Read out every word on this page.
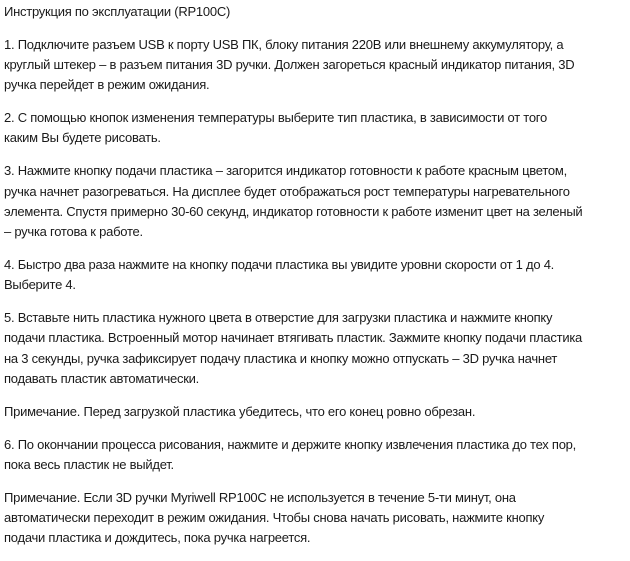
Инструкция по эксплуатации (RP100C)

1. Подключите разъем USB к порту USB ПК, блоку питания 220В или внешнему аккумулятору, а
круглый штекер – в разъем питания 3D ручки. Должен загореться красный индикатор питания, 3D
ручка перейдет в режим ожидания.

2. С помощью кнопок изменения температуры выберите тип пластика, в зависимости от того
каким Вы будете рисовать.

3. Нажмите кнопку подачи пластика – загорится индикатор готовности к работе красным цветом,
ручка начнет разогреваться. На дисплее будет отображаться рост температуры нагревательного
элемента. Спустя примерно 30-60 секунд, индикатор готовности к работе изменит цвет на зеленый
– ручка готова к работе.

4. Быстро два раза нажмите на кнопку подачи пластика вы увидите уровни скорости от 1 до 4.
Выберите 4.

5. Вставьте нить пластика нужного цвета в отверстие для загрузки пластика и нажмите кнопку
подачи пластика. Встроенный мотор начинает втягивать пластик. Зажмите кнопку подачи пластика
на 3 секунды, ручка зафиксирует подачу пластика и кнопку можно отпускать – 3D ручка начнет
подавать пластик автоматически.

Примечание. Перед загрузкой пластика убедитесь, что его конец ровно обрезан.

6. По окончании процесса рисования, нажмите и держите кнопку извлечения пластика до тех пор,
пока весь пластик не выйдет.

Примечание. Если 3D ручки Myriwell RP100C не используется в течение 5-ти минут, она
автоматически переходит в режим ожидания. Чтобы снова начать рисовать, нажмите кнопку
подачи пластика и дождитесь, пока ручка нагреется.
